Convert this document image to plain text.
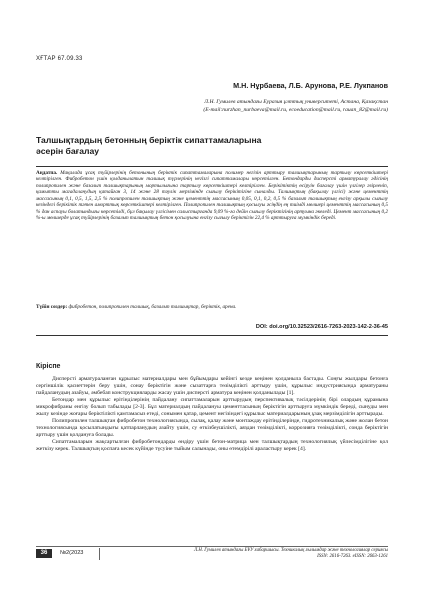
ХҒТАР 67.09.33
М.Н. Нұрбаева, Л.Б. Арунова, Р.Е. Лукпанов
Л.Н. Гумилев атындағы Еуразия ұлттық университеті, Астана, Қазақстан
(E-mail:nurzhan_nurbaeva@mail.ru, ecoeducation@mail.ru, rauan_82@mail.ru)
Талшықтардың бетонның беріктік сипаттамаларына әсерін бағалау
Аңдатпа. Мақалада ұсақ түйірлерінің бетонының беріктік сипаттамаларына полимер негізін арттыру талшықтарының тартылу көрсеткіштері келтірілген. Фибробетон үшін қолданылатын талшық түрлерінің негізгі сипаттамалары көрсетілген. Бетондарды дисперсті арматуралау әдісінің полипропилен және базальт талшықтарының мортылығына тартылу көрсеткіштері келтірілген. Берікітіктің өсіруін бағалау үшін үлгілер әзірленіп, қамытты магадаланудың қатайған 3, 14 және 28 тәулік мерзімінде сығылу берікітігіне сыналды. Талшықтың (бақылау үлгісі) және цементтің массасының 0,1, 0,5, 1,5, 2,5 % полипропилен талшықтың және цементтің массасының 0,05, 0,1, 0,2, 0,5 % базальт талшықтың енгізу арқылы сығылу кезіндегі берікітік тәтен аморттық көрсеткіштері келтірілген. Полипропилен талшықтың қосылуы әсіңдің ең тиімді мөлшері цементтің массасының 0,5 % дан аспауы болатындығы көрсетілді, бұл бақылау үлгісімен салыстырғанда 9,09 %-ға дейін сығылу беріктігінің артуына әкеледі. Цемент массасының 0,2 %-ы мөлшерде ұсақ түйірлерінің базальт талшықтың бетон қосылуына енгізу сығылу беріктігін 22,4 % арттыруға мүмкіндік береді.
Түйін сөздер: фибробетон, полипропилен талшық, базальт талшықтар, беріктік, арена.
DOI: doi.org/10.32523/2616-7263-2023-142-2-36-45
Кіріспе

Дисперсті арматураланған құрылыс материалдары мен бұйымдары кейінгі кезде кеңінен қолданыла бастады. Соңғы жылдары бетонға сергіншілік қасиеттерін беру үшін, сонау беріктігін және сызаттарға төзімділікті арттыру үшін, құрылыс индустриясында арматураны пайдаланудың азайуы, әмбебап конструкцияларды жасау үшін дисперсті арматура кеңінен қолданылады [1].

Бетондар мен құрылыс ерітінділерінің пайдалану сипаттамаларын арттырудың перспективалық тәсілдерінің бірі олардың құрамына микрофибраны енгізу болып табылады [2-3]. Бұл материалдың пайдалануы цементтасының беріктігін арттыруға мүмкіндік береді, сынуды мен жылу кезінде жоғары беріктілікті қамтамасыз етеді, сонымен қатар, цемент негізіндегі құрылыс материалдарының ұзақ мерзімділігін арттырады.

Полипропилен талшықтан фибробетон технологиясында, сылақ, қалау және монтаждау ерітінділерінде, гидротехникалық және жолан бетон технологиясында қосылатындығы қатпарланудың азайту үшін, су өткізбеушілікті, аяздан төзімділікті, коррозияға төзімділікті, сонда беріктігін арттыру үшін қолдануға болады.

Сипаттамаларын жақсартылған фибробетондарды өндіру үшін бетон-матрица мен талшықтардың технологиялық үйлесімділігіне қол жеткізу керек. Талшықтың қоспаға кесек күйінде түсуіне тыйым салынады, оны өтемдірілі араластыру керек [4].

36	№2(2023	Л.Н. Гумилев атындағы ЕҰУ хабаршысы. Техникалық ғылымдар және технологиялар сериясы
ISSN: 2616-7263. eISSN: 2663-1261
